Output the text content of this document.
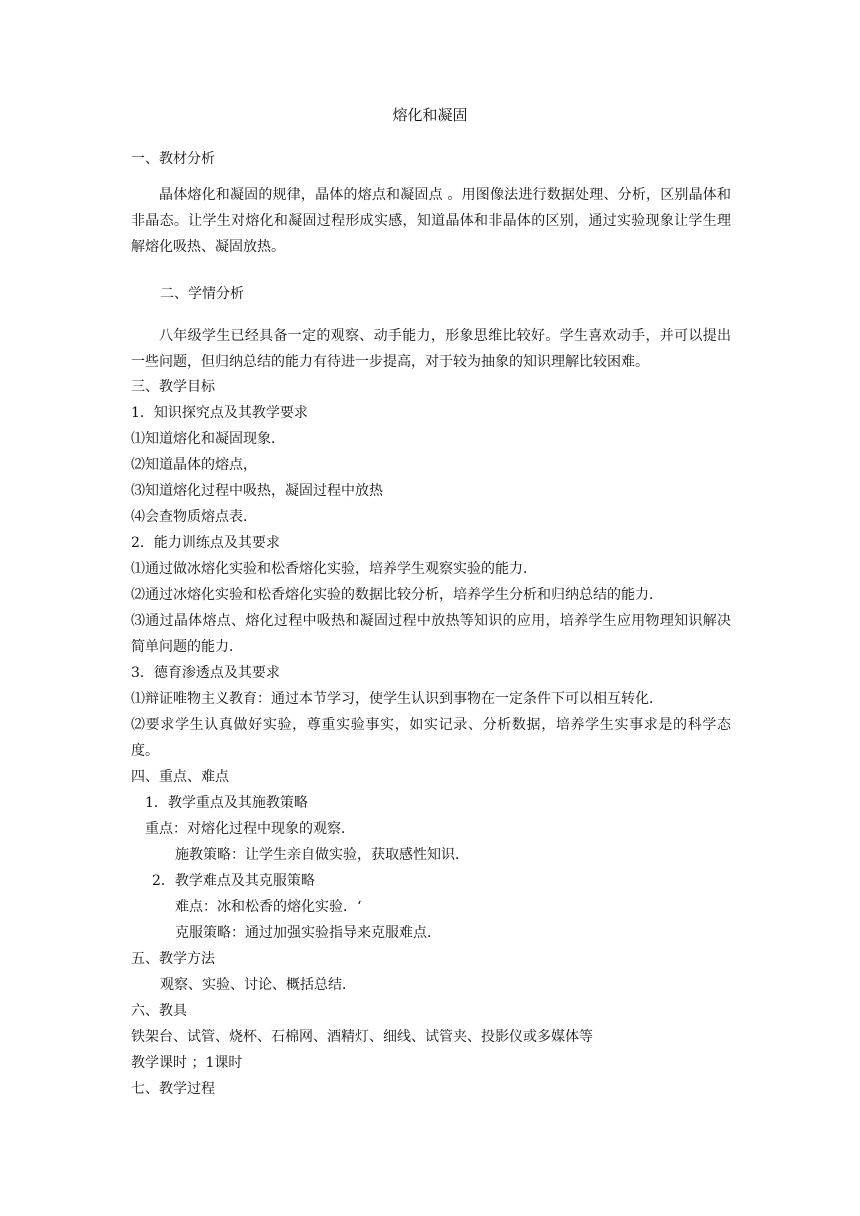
熔化和凝固
一、教材分析
晶体熔化和凝固的规律，晶体的熔点和凝固点 。用图像法进行数据处理、分析，区别晶体和非晶态。让学生对熔化和凝固过程形成实感，知道晶体和非晶体的区别，通过实验现象让学生理解熔化吸热、凝固放热。
二、学情分析
八年级学生已经具备一定的观察、动手能力，形象思维比较好。学生喜欢动手，并可以提出一些问题，但归纳总结的能力有待进一步提高，对于较为抽象的知识理解比较困难。
三、教学目标
1．知识探究点及其教学要求
⑴知道熔化和凝固现象．
⑵知道晶体的熔点，
⑶知道熔化过程中吸热，凝固过程中放热
⑷会查物质熔点表．
2．能力训练点及其要求
⑴通过做冰熔化实验和松香熔化实验，培养学生观察实验的能力．
⑵通过冰熔化实验和松香熔化实验的数据比较分析，培养学生分析和归纳总结的能力．
⑶通过晶体熔点、熔化过程中吸热和凝固过程中放热等知识的应用，培养学生应用物理知识解决简单问题的能力．
3．德育渗透点及其要求
⑴辩证唯物主义教育：通过本节学习，使学生认识到事物在一定条件下可以相互转化．
⑵要求学生认真做好实验，尊重实验事实，如实记录、分析数据，培养学生实事求是的科学态度。
四、重点、难点
1．教学重点及其施教策略
重点：对熔化过程中现象的观察．
施教策略：让学生亲自做实验，获取感性知识．
2．教学难点及其克服策略
难点：冰和松香的熔化实验．‘
克服策略：通过加强实验指导来克服难点．
五、教学方法
观察、实验、讨论、概括总结．
六、教具
铁架台、试管、烧杯、石棉网、酒精灯、细线、试管夹、投影仪或多媒体等
教学课时 ；1课时
七、教学过程
